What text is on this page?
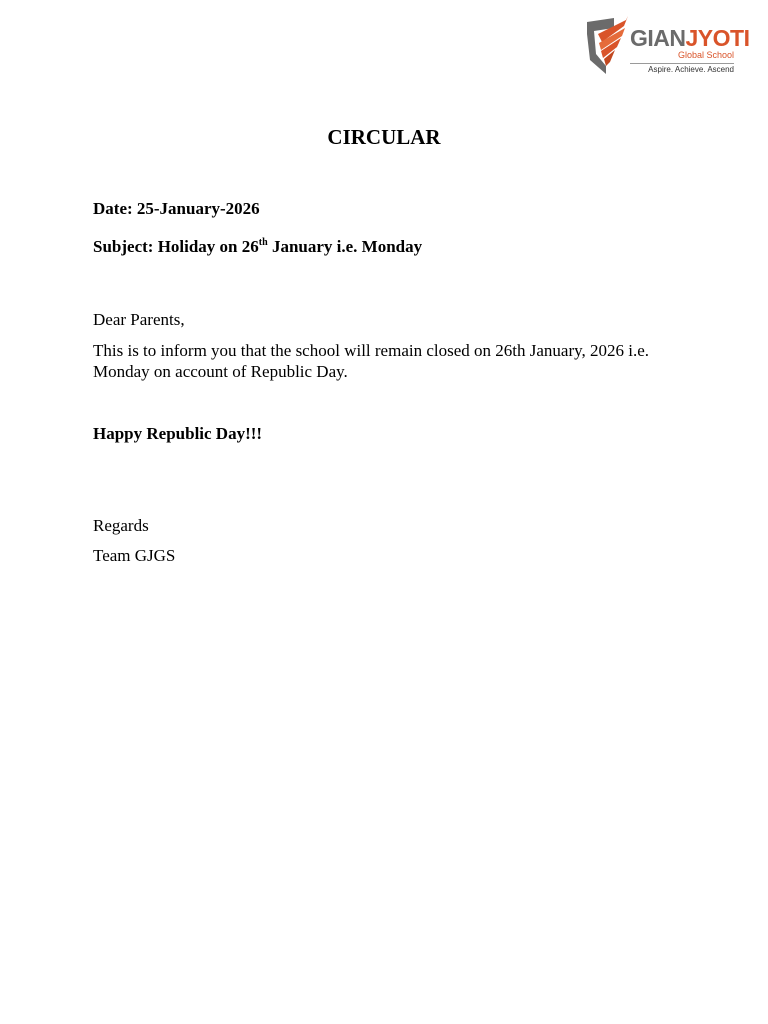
GIANJYOTI
Global School
Aspire. Achieve. Ascend
CIRCULAR
Date: 25-January-2026
Subject: Holiday on 26th January i.e. Monday
Dear Parents,
This is to inform you that the school will remain closed on 26th January, 2026 i.e. Monday on account of Republic Day.
Happy Republic Day!!!
Regards
Team GJGS
